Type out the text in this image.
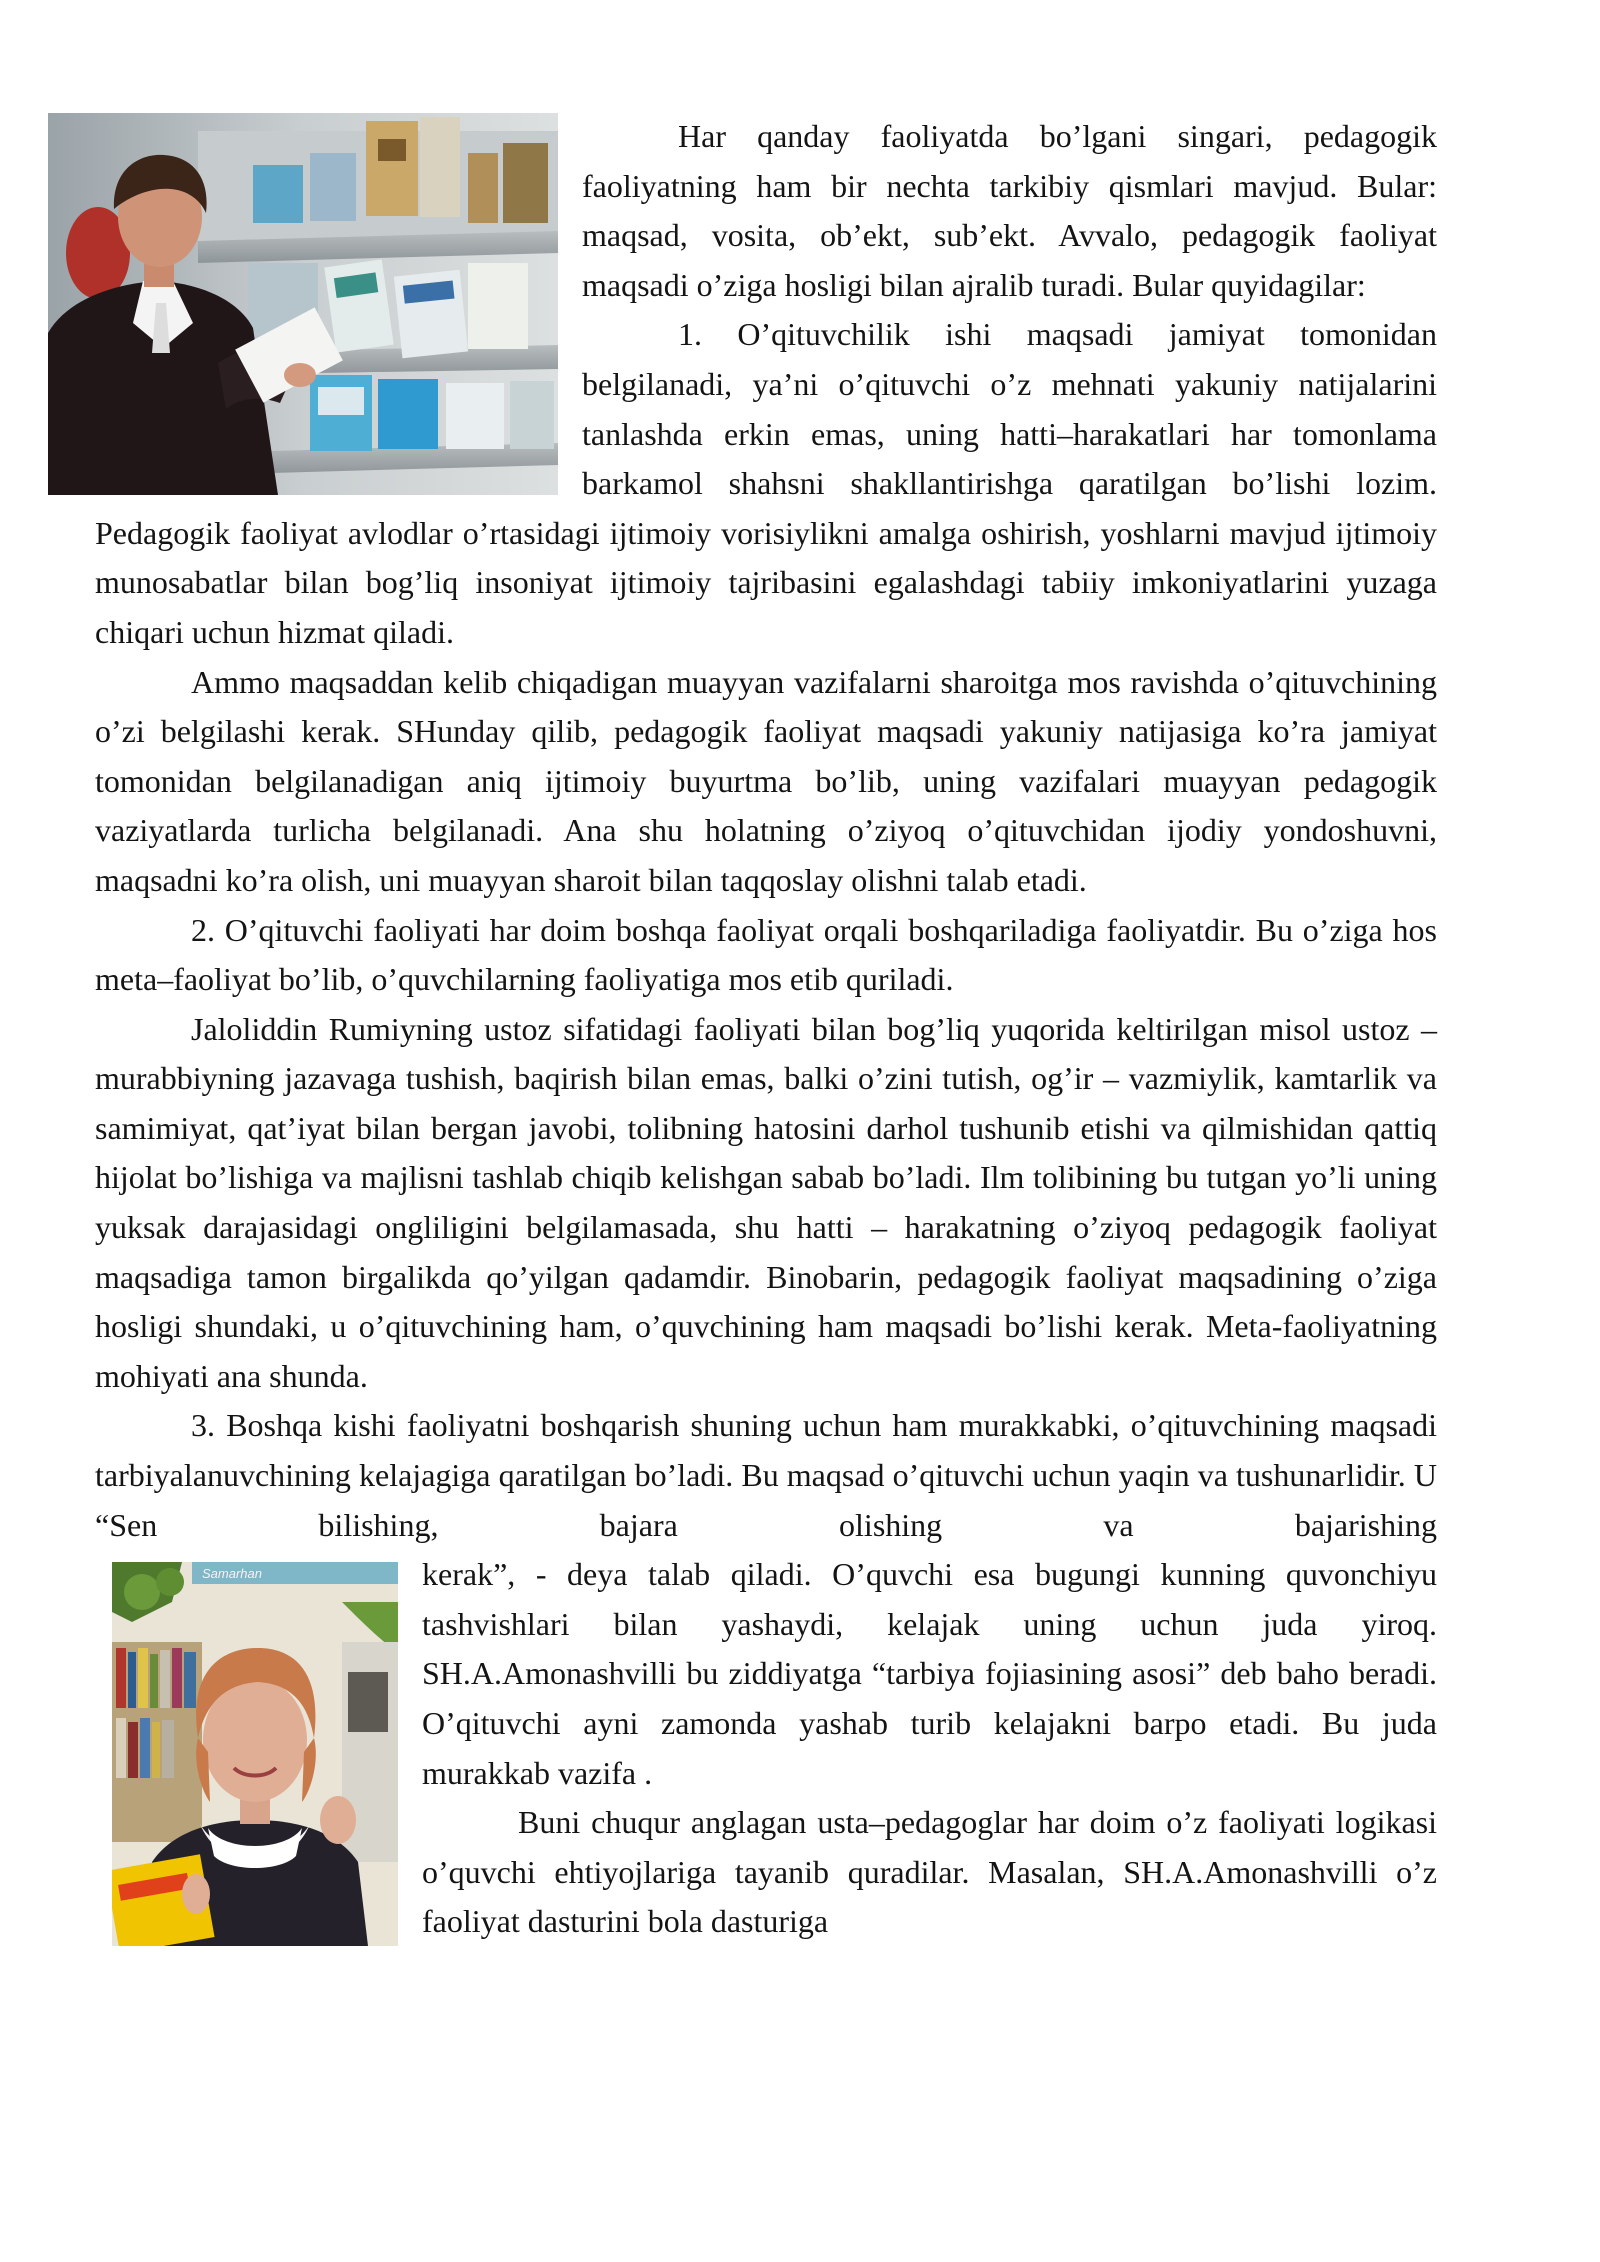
Har qanday faoliyatda bo’lgani singari, pedagogik faoliyatning ham bir nechta tarkibiy qismlari mavjud. Bular: maqsad, vosita, ob’ekt, sub’ekt. Avvalo, pedagogik faoliyat maqsadi o’ziga hosligi bilan ajralib turadi. Bular quyidagilar:

1. O’qituvchilik ishi maqsadi jamiyat tomonidan belgilanadi, ya’ni o’qituvchi o’z mehnati yakuniy natijalarini tanlashda erkin emas, uning hatti–harakatlari har tomonlama barkamol shahsni shakllantirishga qaratilgan bo’lishi lozim. Pedagogik faoliyat avlodlar o’rtasidagi ijtimoiy vorisiylikni amalga oshirish, yoshlarni mavjud ijtimoiy munosabatlar bilan bog’liq insoniyat ijtimoiy tajribasini egalashdagi tabiiy imkoniyatlarini yuzaga chiqari uchun hizmat qiladi.

Ammo maqsaddan kelib chiqadigan muayyan vazifalarni sharoitga mos ravishda o’qituvchining o’zi belgilashi kerak. SHunday qilib, pedagogik faoliyat maqsadi yakuniy natijasiga ko’ra jamiyat tomonidan belgilanadigan aniq ijtimoiy buyurtma bo’lib, uning vazifalari muayyan pedagogik vaziyatlarda turlicha belgilanadi. Ana shu holatning o’ziyoq o’qituvchidan ijodiy yondoshuvni, maqsadni ko’ra olish, uni muayyan sharoit bilan taqqoslay olishni talab etadi.

2. O’qituvchi faoliyati har doim boshqa faoliyat orqali boshqariladiga faoliyatdir. Bu o’ziga hos meta–faoliyat bo’lib, o’quvchilarning faoliyatiga mos etib quriladi.

Jaloliddin Rumiyning ustoz sifatidagi faoliyati bilan bog’liq yuqorida keltirilgan misol ustoz – murabbiyning jazavaga tushish, baqirish bilan emas, balki o’zini tutish, og’ir – vazmiylik, kamtarlik va samimiyat, qat’iyat bilan bergan javobi, tolibning hatosini darhol tushunib etishi va qilmishidan qattiq hijolat bo’lishiga va majlisni tashlab chiqib kelishgan sabab bo’ladi. Ilm tolibining bu tutgan yo’li uning yuksak darajasidagi ongliligini belgilamasada, shu hatti – harakatning o’ziyoq pedagogik faoliyat maqsadiga tamon birgalikda qo’yilgan qadamdir. Binobarin, pedagogik faoliyat maqsadining o’ziga hosligi shundaki, u o’qituvchining ham, o’quvchining ham maqsadi bo’lishi kerak. Meta-faoliyatning mohiyati ana shunda.

3. Boshqa kishi faoliyatni boshqarish shuning uchun ham murakkabki, o’qituvchining maqsadi tarbiyalanuvchining kelajagiga qaratilgan bo’ladi. Bu maqsad o’qituvchi uchun yaqin va tushunarlidir. U “Sen bilishing, bajara olishing va bajarishing
Samarhan	kerak”, - deya talab qiladi. O’quvchi esa bugungi kunning quvonchiyu tashvishlari bilan yashaydi, kelajak uning uchun juda yiroq. SH.A.Amonashvilli bu ziddiyatga “tarbiya fojiasining asosi” deb baho beradi. O’qituvchi ayni zamonda yashab turib kelajakni barpo etadi. Bu juda murakkab vazifa .

Buni chuqur anglagan usta–pedagoglar har doim o’z faoliyati logikasi o’quvchi ehtiyojlariga tayanib quradilar. Masalan, SH.A.Amonashvilli o’z faoliyat dasturini bola dasturiga
